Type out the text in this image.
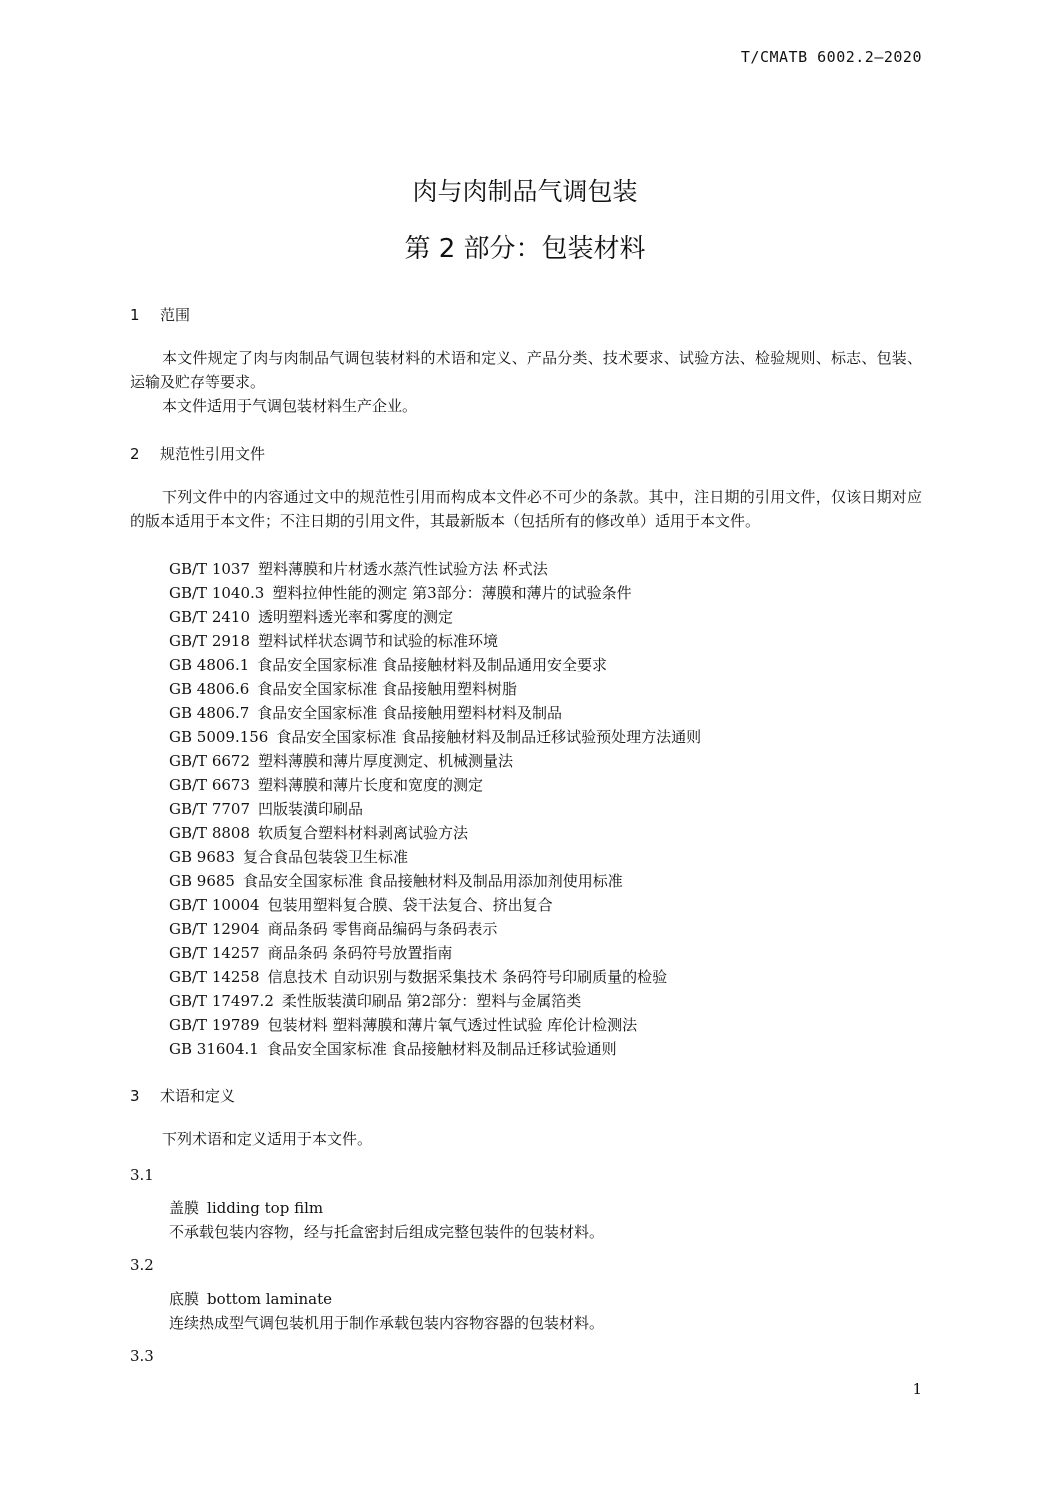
T/CMATB 6002.2—2020
肉与肉制品气调包装
第 2 部分：包装材料
1 范围

本文件规定了肉与肉制品气调包装材料的术语和定义、产品分类、技术要求、试验方法、检验规则、标志、包装、运输及贮存等要求。

本文件适用于气调包装材料生产企业。

2 规范性引用文件

下列文件中的内容通过文中的规范性引用而构成本文件必不可少的条款。其中，注日期的引用文件，仅该日期对应的版本适用于本文件；不注日期的引用文件，其最新版本（包括所有的修改单）适用于本文件。

GB/T 1037 塑料薄膜和片材透水蒸汽性试验方法 杯式法
GB/T 1040.3 塑料拉伸性能的测定 第3部分：薄膜和薄片的试验条件
GB/T 2410 透明塑料透光率和雾度的测定
GB/T 2918 塑料试样状态调节和试验的标准环境
GB 4806.1 食品安全国家标准 食品接触材料及制品通用安全要求
GB 4806.6 食品安全国家标准 食品接触用塑料树脂
GB 4806.7 食品安全国家标准 食品接触用塑料材料及制品
GB 5009.156 食品安全国家标准 食品接触材料及制品迁移试验预处理方法通则
GB/T 6672 塑料薄膜和薄片厚度测定、机械测量法
GB/T 6673 塑料薄膜和薄片长度和宽度的测定
GB/T 7707 凹版装潢印刷品
GB/T 8808 软质复合塑料材料剥离试验方法
GB 9683 复合食品包装袋卫生标准
GB 9685 食品安全国家标准 食品接触材料及制品用添加剂使用标准
GB/T 10004 包装用塑料复合膜、袋干法复合、挤出复合
GB/T 12904 商品条码 零售商品编码与条码表示
GB/T 14257 商品条码 条码符号放置指南
GB/T 14258 信息技术 自动识别与数据采集技术 条码符号印刷质量的检验
GB/T 17497.2 柔性版装潢印刷品 第2部分：塑料与金属箔类
GB/T 19789 包装材料 塑料薄膜和薄片氧气透过性试验 库伦计检测法
GB 31604.1 食品安全国家标准 食品接触材料及制品迁移试验通则
3 术语和定义

下列术语和定义适用于本文件。

3.1
盖膜 lidding top film
不承载包装内容物，经与托盒密封后组成完整包装件的包装材料。
3.2
底膜 bottom laminate
连续热成型气调包装机用于制作承载包装内容物容器的包装材料。
3.3
1
